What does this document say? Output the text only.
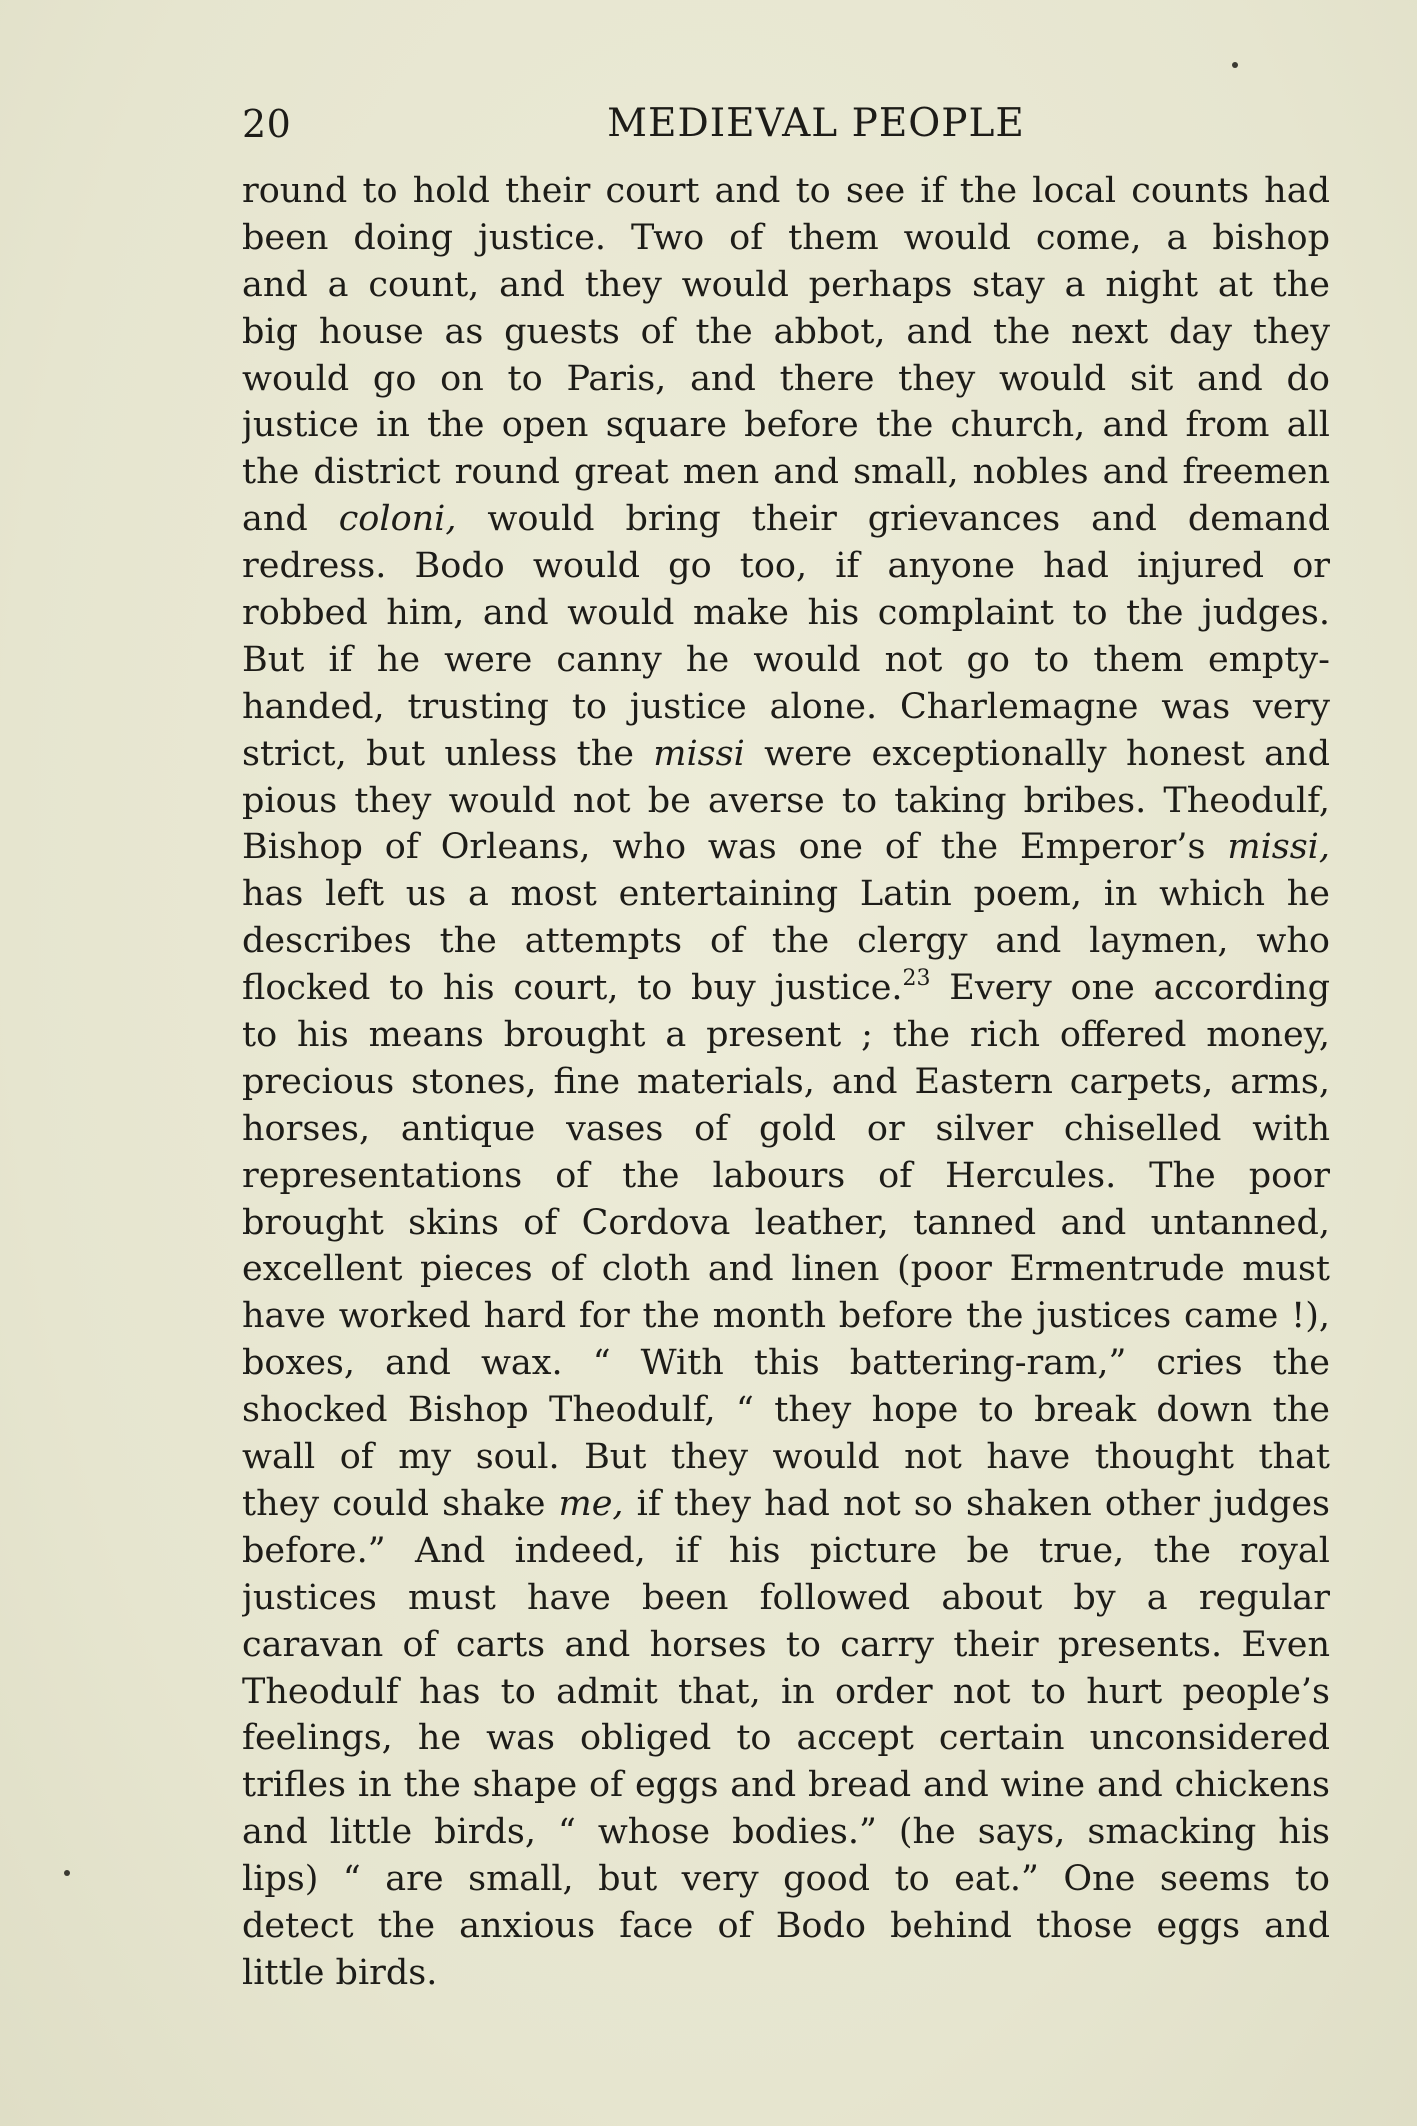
20	MEDIEVAL PEOPLE
round to hold their court and to see if the local counts had
been doing justice. Two of them would come, a bishop
and a count, and they would perhaps stay a night at the
big house as guests of the abbot, and the next day they
would go on to Paris, and there they would sit and do
justice in the open square before the church, and from all
the district round great men and small, nobles and freemen
and coloni, would bring their grievances and demand
redress. Bodo would go too, if anyone had injured or
robbed him, and would make his complaint to the judges.
But if he were canny he would not go to them empty-
handed, trusting to justice alone. Charlemagne was very
strict, but unless the missi were exceptionally honest and
pious they would not be averse to taking bribes. Theodulf,
Bishop of Orleans, who was one of the Emperor’s missi,
has left us a most entertaining Latin poem, in which he
describes the attempts of the clergy and laymen, who
flocked to his court, to buy justice.$^{23}$ Every one according
to his means brought a present ; the rich offered money,
precious stones, fine materials, and Eastern carpets, arms,
horses, antique vases of gold or silver chiselled with
representations of the labours of Hercules. The poor
brought skins of Cordova leather, tanned and untanned,
excellent pieces of cloth and linen (poor Ermentrude must
have worked hard for the month before the justices came !),
boxes, and wax. “ With this battering-ram,” cries the
shocked Bishop Theodulf, “ they hope to break down the
wall of my soul. But they would not have thought that
they could shake me, if they had not so shaken other judges
before.” And indeed, if his picture be true, the royal
justices must have been followed about by a regular
caravan of carts and horses to carry their presents. Even
Theodulf has to admit that, in order not to hurt people’s
feelings, he was obliged to accept certain unconsidered
trifles in the shape of eggs and bread and wine and chickens
and little birds, “ whose bodies.” (he says, smacking his
lips) “ are small, but very good to eat.” One seems to
detect the anxious face of Bodo behind those eggs and
little birds.
